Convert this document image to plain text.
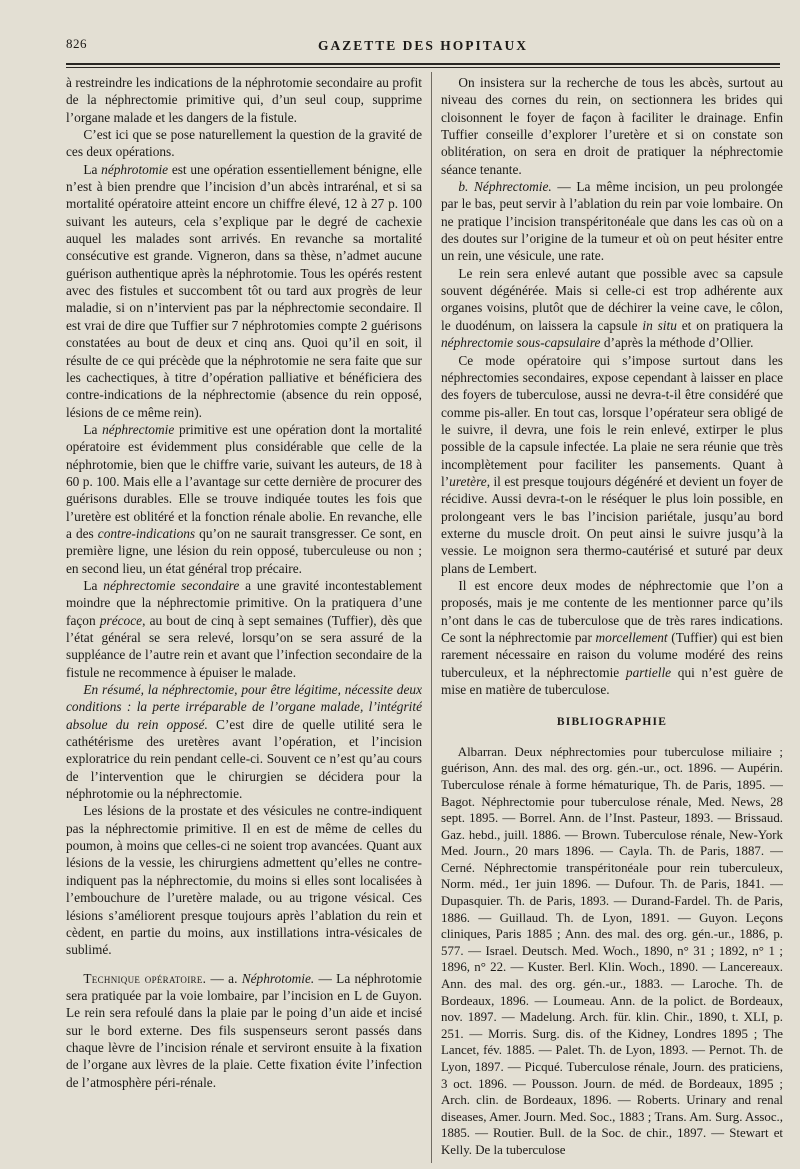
826	GAZETTE DES HOPITAUX

à restreindre les indications de la néphrotomie secondaire au profit de la néphrectomie primitive qui, d’un seul coup, supprime l’organe malade et les dangers de la fistule.

C’est ici que se pose naturellement la question de la gravité de ces deux opérations.

La néphrotomie est une opération essentiellement bénigne, elle n’est à bien prendre que l’incision d’un abcès intrarénal, et si sa mortalité opératoire atteint encore un chiffre élevé, 12 à 27 p. 100 suivant les auteurs, cela s’explique par le degré de cachexie auquel les malades sont arrivés. En revanche sa mortalité consécutive est grande. Vigneron, dans sa thèse, n’admet aucune guérison authentique après la néphrotomie. Tous les opérés restent avec des fistules et succombent tôt ou tard aux progrès de leur maladie, si on n’intervient pas par la néphrectomie secondaire. Il est vrai de dire que Tuffier sur 7 néphrotomies compte 2 guérisons constatées au bout de deux et cinq ans. Quoi qu’il en soit, il résulte de ce qui précède que la néphrotomie ne sera faite que sur les cachectiques, à titre d’opération palliative et bénéficiera des contre-indications de la néphrectomie (absence du rein opposé, lésions de ce même rein).

La néphrectomie primitive est une opération dont la mortalité opératoire est évidemment plus considérable que celle de la néphrotomie, bien que le chiffre varie, suivant les auteurs, de 18 à 60 p. 100. Mais elle a l’avantage sur cette dernière de procurer des guérisons durables. Elle se trouve indiquée toutes les fois que l’uretère est oblitéré et la fonction rénale abolie. En revanche, elle a des contre-indications qu’on ne saurait transgresser. Ce sont, en première ligne, une lésion du rein opposé, tuberculeuse ou non ; en second lieu, un état général trop précaire.

La néphrectomie secondaire a une gravité incontestablement moindre que la néphrectomie primitive. On la pratiquera d’une façon précoce, au bout de cinq à sept semaines (Tuffier), dès que l’état général se sera relevé, lorsqu’on se sera assuré de la suppléance de l’autre rein et avant que l’infection secondaire de la fistule ne recommence à épuiser le malade.

En résumé, la néphrectomie, pour être légitime, nécessite deux conditions : la perte irréparable de l’organe malade, l’intégrité absolue du rein opposé. C’est dire de quelle utilité sera le cathétérisme des uretères avant l’opération, et l’incision exploratrice du rein pendant celle-ci. Souvent ce n’est qu’au cours de l’intervention que le chirurgien se décidera pour la néphrotomie ou la néphrectomie.

Les lésions de la prostate et des vésicules ne contre-indiquent pas la néphrectomie primitive. Il en est de même de celles du poumon, à moins que celles-ci ne soient trop avancées. Quant aux lésions de la vessie, les chirurgiens admettent qu’elles ne contre-indiquent pas la néphrectomie, du moins si elles sont localisées à l’embouchure de l’uretère malade, ou au trigone vésical. Ces lésions s’améliorent presque toujours après l’ablation du rein et cèdent, en partie du moins, aux instillations intra-vésicales de sublimé.

Technique opératoire. — a. Néphrotomie. — La néphrotomie sera pratiquée par la voie lombaire, par l’incision en L de Guyon. Le rein sera refoulé dans la plaie par le poing d’un aide et incisé sur le bord externe. Des fils suspenseurs seront passés dans chaque lèvre de l’incision rénale et serviront ensuite à la fixation de l’organe aux lèvres de la plaie. Cette fixation évite l’infection de l’atmosphère péri-rénale.

On insistera sur la recherche de tous les abcès, surtout au niveau des cornes du rein, on sectionnera les brides qui cloisonnent le foyer de façon à faciliter le drainage. Enfin Tuffier conseille d’explorer l’uretère et si on constate son oblitération, on sera en droit de pratiquer la néphrectomie séance tenante.

b. Néphrectomie. — La même incision, un peu prolongée par le bas, peut servir à l’ablation du rein par voie lombaire. On ne pratique l’incision transpéritonéale que dans les cas où on a des doutes sur l’origine de la tumeur et où on peut hésiter entre un rein, une vésicule, une rate.

Le rein sera enlevé autant que possible avec sa capsule souvent dégénérée. Mais si celle-ci est trop adhérente aux organes voisins, plutôt que de déchirer la veine cave, le côlon, le duodénum, on laissera la capsule in situ et on pratiquera la néphrectomie sous-capsulaire d’après la méthode d’Ollier.

Ce mode opératoire qui s’impose surtout dans les néphrectomies secondaires, expose cependant à laisser en place des foyers de tuberculose, aussi ne devra-t-il être considéré que comme pis-aller. En tout cas, lorsque l’opérateur sera obligé de le suivre, il devra, une fois le rein enlevé, extirper le plus possible de la capsule infectée. La plaie ne sera réunie que très incomplètement pour faciliter les pansements. Quant à l’uretère, il est presque toujours dégénéré et devient un foyer de récidive. Aussi devra-t-on le réséquer le plus loin possible, en prolongeant vers le bas l’incision pariétale, jusqu’au bord externe du muscle droit. On peut ainsi le suivre jusqu’à la vessie. Le moignon sera thermo-cautérisé et suturé par deux plans de Lembert.

Il est encore deux modes de néphrectomie que l’on a proposés, mais je me contente de les mentionner parce qu’ils n’ont dans le cas de tuberculose que de très rares indications. Ce sont la néphrectomie par morcellement (Tuffier) qui est bien rarement nécessaire en raison du volume modéré des reins tuberculeux, et la néphrectomie partielle qui n’est guère de mise en matière de tuberculose.

BIBLIOGRAPHIE

Albarran. Deux néphrectomies pour tuberculose miliaire ; guérison, Ann. des mal. des org. gén.-ur., oct. 1896. — Aupérin. Tuberculose rénale à forme hématurique, Th. de Paris, 1895. — Bagot. Néphrectomie pour tuberculose rénale, Med. News, 28 sept. 1895. — Borrel. Ann. de l’Inst. Pasteur, 1893. — Brissaud. Gaz. hebd., juill. 1886. — Brown. Tuberculose rénale, New-York Med. Journ., 20 mars 1896. — Cayla. Th. de Paris, 1887. — Cerné. Néphrectomie transpéritonéale pour rein tuberculeux, Norm. méd., 1er juin 1896. — Dufour. Th. de Paris, 1841. — Dupasquier. Th. de Paris, 1893. — Durand-Fardel. Th. de Paris, 1886. — Guillaud. Th. de Lyon, 1891. — Guyon. Leçons cliniques, Paris 1885 ; Ann. des mal. des org. gén.-ur., 1886, p. 577. — Israel. Deutsch. Med. Woch., 1890, n° 31 ; 1892, n° 1 ; 1896, n° 22. — Kuster. Berl. Klin. Woch., 1890. — Lancereaux. Ann. des mal. des org. gén.-ur., 1883. — Laroche. Th. de Bordeaux, 1896. — Loumeau. Ann. de la polict. de Bordeaux, nov. 1897. — Madelung. Arch. für. klin. Chir., 1890, t. XLI, p. 251. — Morris. Surg. dis. of the Kidney, Londres 1895 ; The Lancet, fév. 1885. — Palet. Th. de Lyon, 1893. — Pernot. Th. de Lyon, 1897. — Picqué. Tuberculose rénale, Journ. des praticiens, 3 oct. 1896. — Pousson. Journ. de méd. de Bordeaux, 1895 ; Arch. clin. de Bordeaux, 1896. — Roberts. Urinary and renal diseases, Amer. Journ. Med. Soc., 1883 ; Trans. Am. Surg. Assoc., 1885. — Routier. Bull. de la Soc. de chir., 1897. — Stewart et Kelly. De la tuberculose
